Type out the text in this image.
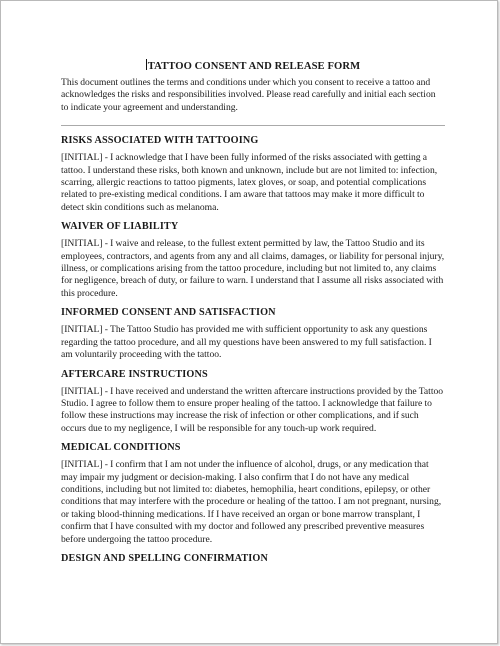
TATTOO CONSENT AND RELEASE FORM

This document outlines the terms and conditions under which you consent to receive a tattoo and acknowledges the risks and responsibilities involved. Please read carefully and initial each section to indicate your agreement and understanding.

RISKS ASSOCIATED WITH TATTOOING

[INITIAL] - I acknowledge that I have been fully informed of the risks associated with getting a tattoo. I understand these risks, both known and unknown, include but are not limited to: infection, scarring, allergic reactions to tattoo pigments, latex gloves, or soap, and potential complications related to pre-existing medical conditions. I am aware that tattoos may make it more difficult to detect skin conditions such as melanoma.

WAIVER OF LIABILITY

[INITIAL] - I waive and release, to the fullest extent permitted by law, the Tattoo Studio and its employees, contractors, and agents from any and all claims, damages, or liability for personal injury, illness, or complications arising from the tattoo procedure, including but not limited to, any claims for negligence, breach of duty, or failure to warn. I understand that I assume all risks associated with this procedure.

INFORMED CONSENT AND SATISFACTION

[INITIAL] - The Tattoo Studio has provided me with sufficient opportunity to ask any questions regarding the tattoo procedure, and all my questions have been answered to my full satisfaction. I am voluntarily proceeding with the tattoo.

AFTERCARE INSTRUCTIONS

[INITIAL] - I have received and understand the written aftercare instructions provided by the Tattoo Studio. I agree to follow them to ensure proper healing of the tattoo. I acknowledge that failure to follow these instructions may increase the risk of infection or other complications, and if such occurs due to my negligence, I will be responsible for any touch-up work required.

MEDICAL CONDITIONS

[INITIAL] - I confirm that I am not under the influence of alcohol, drugs, or any medication that may impair my judgment or decision-making. I also confirm that I do not have any medical conditions, including but not limited to: diabetes, hemophilia, heart conditions, epilepsy, or other conditions that may interfere with the procedure or healing of the tattoo. I am not pregnant, nursing, or taking blood-thinning medications. If I have received an organ or bone marrow transplant, I confirm that I have consulted with my doctor and followed any prescribed preventive measures before undergoing the tattoo procedure.

DESIGN AND SPELLING CONFIRMATION
